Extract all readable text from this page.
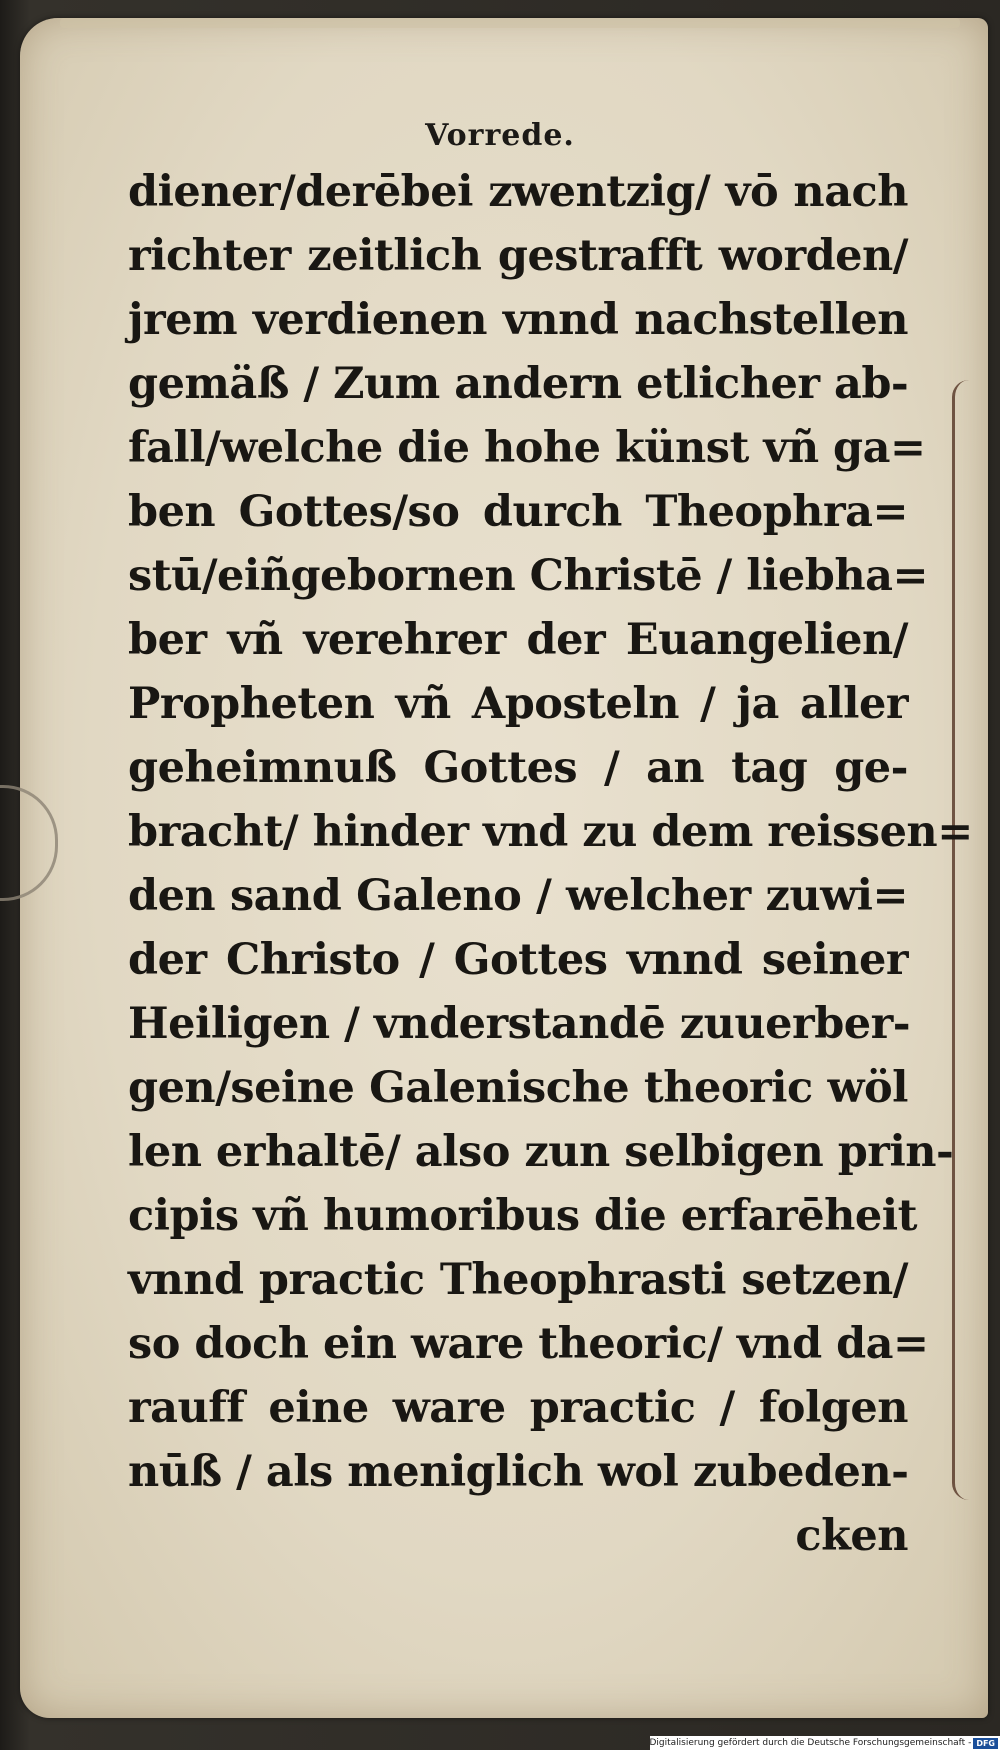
Vorrede.
diener/derēbei zwentzig/ vō nach
richter zeitlich gestrafft worden/
jrem verdienen vnnd nachstellen
gemäß / Zum andern etlicher ab-
fall/welche die hohe künst vñ ga=
ben Gottes/so durch Theophra=
stū/eiñgebornen Christē / liebha=
ber vñ verehrer der Euangelien/
Propheten vñ Aposteln / ja aller
geheimnuß Gottes / an tag ge-
bracht/ hinder vnd zu dem reissen=
den sand Galeno / welcher zuwi=
der Christo / Gottes vnnd seiner
Heiligen / vnderstandē zuuerber-
gen/seine Galenische theoric wöl
len erhaltē/ also zun selbigen prin-
cipis vñ humoribus die erfarēheit
vnnd practic Theophrasti setzen/
so doch ein ware theoric/ vnd da=
rauff eine ware practic / folgen
nūß / als meniglich wol zubeden-
cken
Digitalisierung gefördert durch die Deutsche Forschungsgemeinschaft - DFG
